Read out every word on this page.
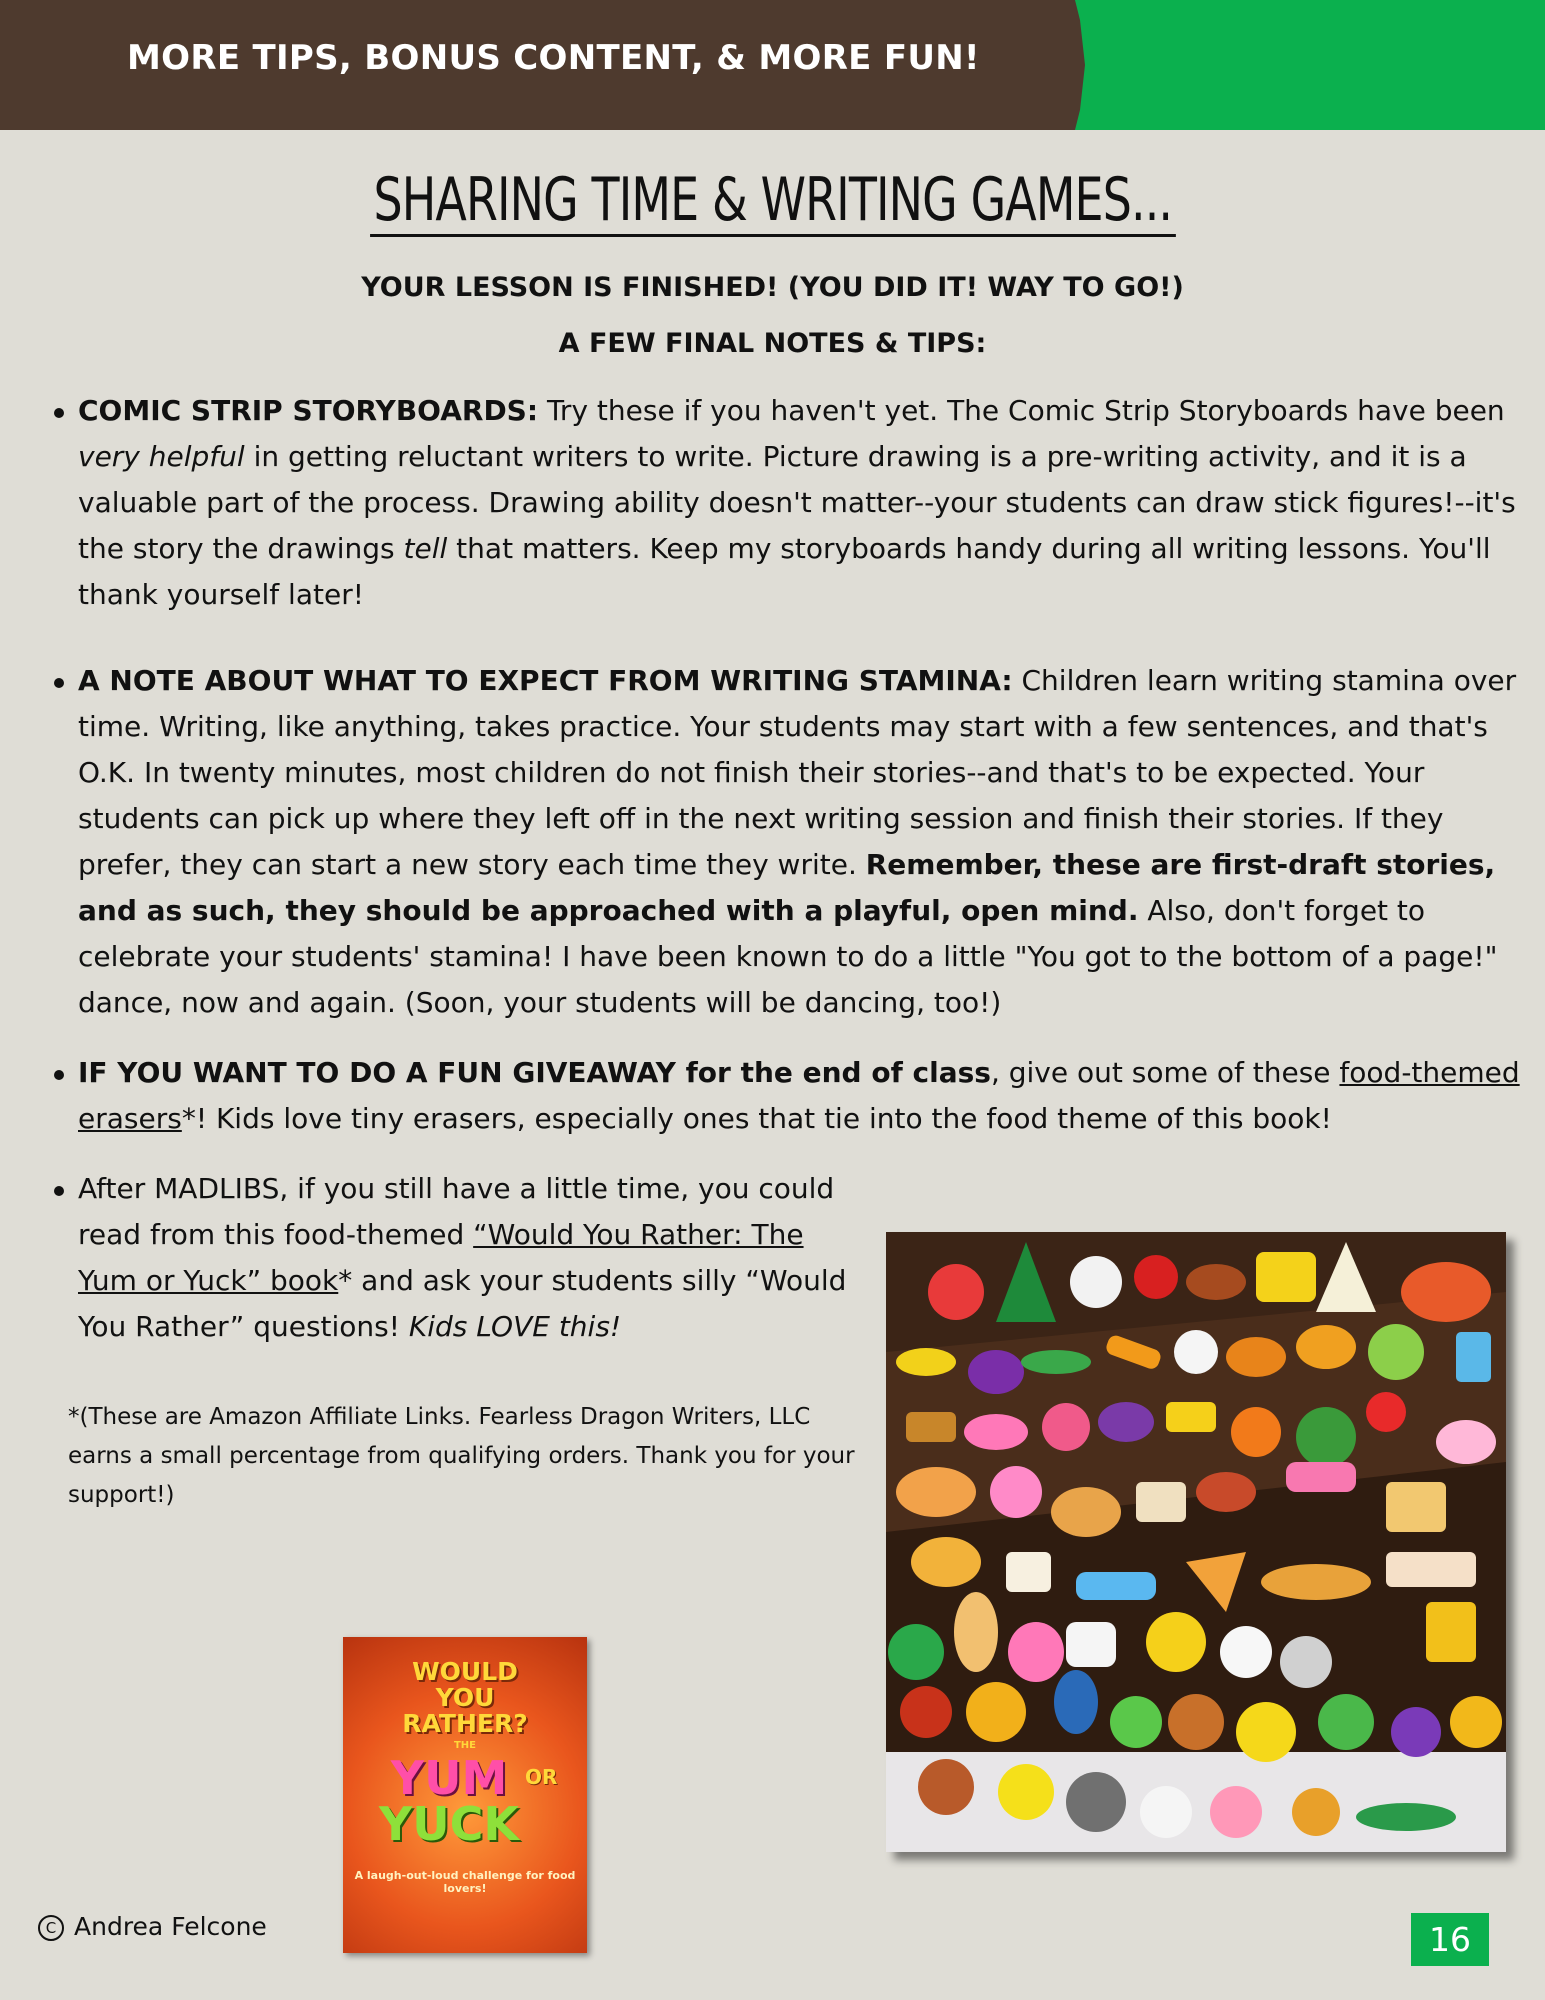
MORE TIPS, BONUS CONTENT, & MORE FUN!
SHARING TIME & WRITING GAMES...
YOUR LESSON IS FINISHED! (YOU DID IT! WAY TO GO!)
A FEW FINAL NOTES & TIPS:
COMIC STRIP STORYBOARDS: Try these if you haven't yet. The Comic Strip Storyboards have been very helpful in getting reluctant writers to write. Picture drawing is a pre-writing activity, and it is a valuable part of the process. Drawing ability doesn't matter--your students can draw stick figures!--it's the story the drawings tell that matters. Keep my storyboards handy during all writing lessons. You'll thank yourself later!
A NOTE ABOUT WHAT TO EXPECT FROM WRITING STAMINA: Children learn writing stamina over time. Writing, like anything, takes practice. Your students may start with a few sentences, and that's O.K. In twenty minutes, most children do not finish their stories--and that's to be expected. Your students can pick up where they left off in the next writing session and finish their stories. If they prefer, they can start a new story each time they write. Remember, these are first-draft stories, and as such, they should be approached with a playful, open mind. Also, don't forget to celebrate your students' stamina! I have been known to do a little "You got to the bottom of a page!" dance, now and again. (Soon, your students will be dancing, too!)
IF YOU WANT TO DO A FUN GIVEAWAY for the end of class, give out some of these food-themed erasers*! Kids love tiny erasers, especially ones that tie into the food theme of this book!
After MADLIBS, if you still have a little time, you could read from this food-themed “Would You Rather: The Yum or Yuck” book* and ask your students silly “Would You Rather” questions! Kids LOVE this!
*(These are Amazon Affiliate Links. Fearless Dragon Writers, LLC earns a small percentage from qualifying orders. Thank you for your support!)
WOULD
YOU
RATHER?
THE
YUM OR
YUCK
A laugh-out-loud challenge for food lovers!
C Andrea Felcone	16
